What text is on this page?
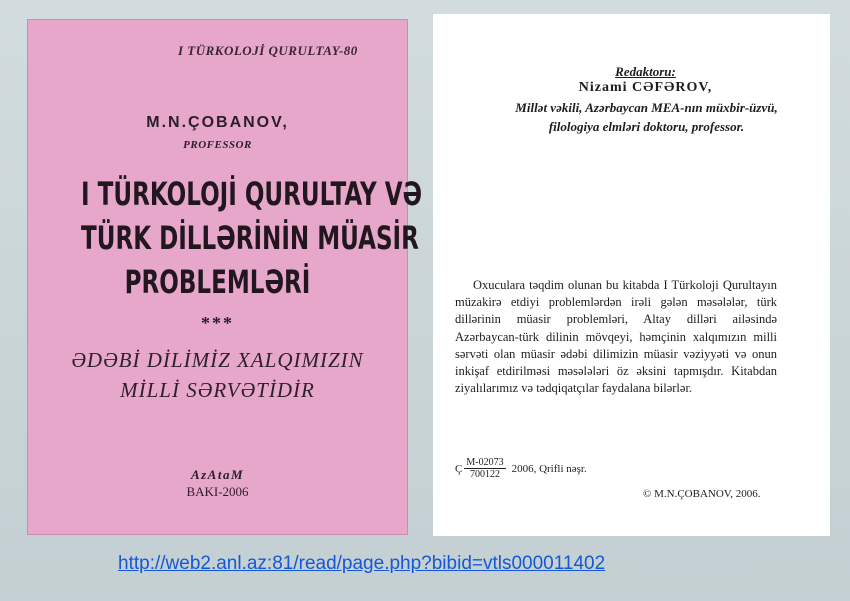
I TÜRKOLOJİ QURULTAY-80
M.N.ÇOBANOV,
PROFESSOR
I TÜRKOLOJİ QURULTAY VƏ
TÜRK DİLLƏRİNİN MÜASİR
PROBLEMLƏRİ
***
ƏDƏBİ DİLİMİZ XALQIMIZIN
MİLLİ SƏRVƏTİDİR
AzAtaM
BAKI-2006
Redaktoru:
Nizami CƏFƏROV,
Millət vəkili, Azərbaycan MEA-nın müxbir-üzvü,
filologiya elmləri doktoru, professor.
Oxuculara təqdim olunan bu kitabda I Türkoloji Qurultayın müzakirə etdiyi problemlərdən irəli gələn məsələlər, türk dillərinin müasir problemləri, Altay dilləri ailəsində Azərbaycan-türk dilinin mövqeyi, həmçinin xalqımızın milli sərvəti olan müasir ədəbi dilimizin müasir vəziyyəti və onun inkişaf etdirilməsi məsələləri öz əksini tapmışdır. Kitabdan ziyalılarımız və tədqiqatçılar faydalana bilərlər.
Ç $\frac{M-02073}{700122} 2006$, Qrifli nəşr.
© M.N.ÇOBANOV, 2006.
http://web2.anl.az:81/read/page.php?bibid=vtls000011402
